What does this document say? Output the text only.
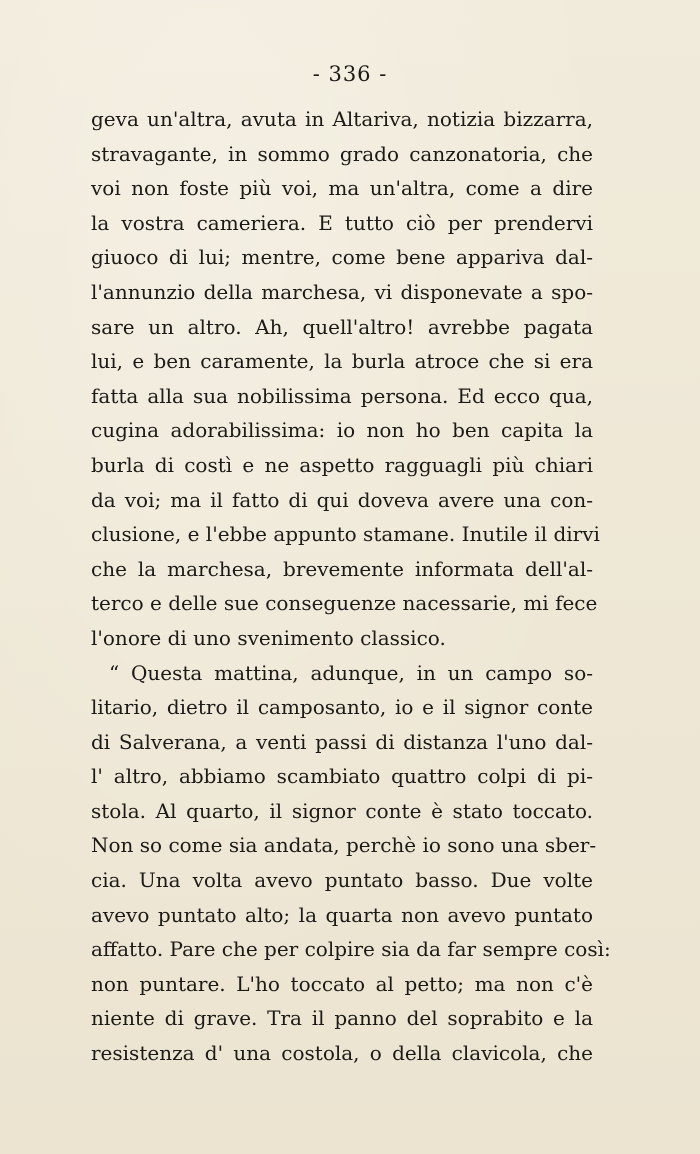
- 336 -
geva un'altra, avuta in Altariva, notizia bizzarra,
stravagante, in sommo grado canzonatoria, che
voi non foste più voi, ma un'altra, come a dire
la vostra cameriera. E tutto ciò per prendervi
giuoco di lui; mentre, come bene appariva dal-
l'annunzio della marchesa, vi disponevate a spo-
sare un altro. Ah, quell'altro! avrebbe pagata
lui, e ben caramente, la burla atroce che si era
fatta alla sua nobilissima persona. Ed ecco qua,
cugina adorabilissima: io non ho ben capita la
burla di costì e ne aspetto ragguagli più chiari
da voi; ma il fatto di qui doveva avere una con-
clusione, e l'ebbe appunto stamane. Inutile il dirvi
che la marchesa, brevemente informata dell'al-
terco e delle sue conseguenze nacessarie, mi fece
l'onore di uno svenimento classico.
“ Questa mattina, adunque, in un campo so-
litario, dietro il camposanto, io e il signor conte
di Salverana, a venti passi di distanza l'uno dal-
l' altro, abbiamo scambiato quattro colpi di pi-
stola. Al quarto, il signor conte è stato toccato.
Non so come sia andata, perchè io sono una sber-
cia. Una volta avevo puntato basso. Due volte
avevo puntato alto; la quarta non avevo puntato
affatto. Pare che per colpire sia da far sempre così:
non puntare. L'ho toccato al petto; ma non c'è
niente di grave. Tra il panno del soprabito e la
resistenza d' una costola, o della clavicola, che
